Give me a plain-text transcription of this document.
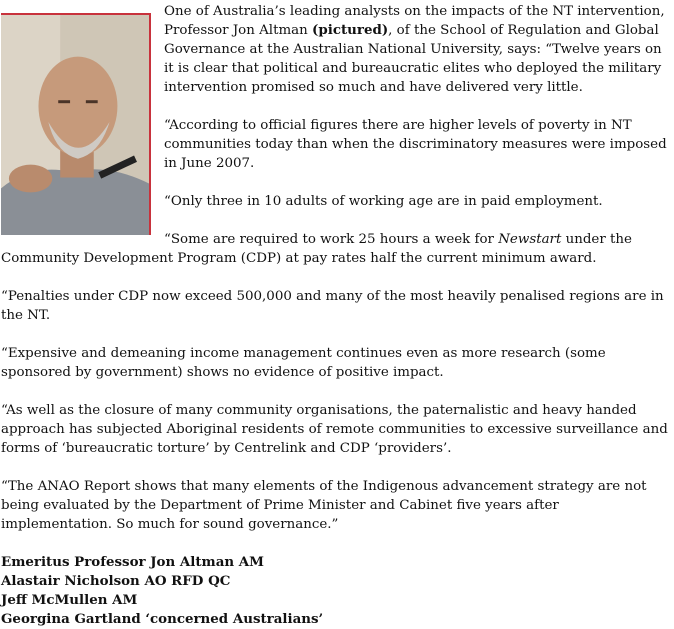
One of Australia’s leading analysts on the impacts of the NT intervention, Professor Jon Altman (pictured), of the School of Regulation and Global Governance at the Australian National University, says: “Twelve years on it is clear that political and bureaucratic elites who deployed the military intervention promised so much and have delivered very little.

“According to official figures there are higher levels of poverty in NT communities today than when the discriminatory measures were imposed in June 2007.

“Only three in 10 adults of working age are in paid employment.

“Some are required to work 25 hours a week for Newstart under the Community Development Program (CDP) at pay rates half the current minimum award.

“Penalties under CDP now exceed 500,000 and many of the most heavily penalised regions are in the NT.

“Expensive and demeaning income management continues even as more research (some sponsored by government) shows no evidence of positive impact.

“As well as the closure of many community organisations, the paternalistic and heavy handed approach has subjected Aboriginal residents of remote communities to excessive surveillance and forms of ‘bureaucratic torture’ by Centrelink and CDP ‘providers’.

“The ANAO Report shows that many elements of the Indigenous advancement strategy are not being evaluated by the Department of Prime Minister and Cabinet five years after implementation. So much for sound governance.”

Emeritus Professor Jon Altman AM
Alastair Nicholson AO RFD QC
Jeff McMullen AM
Georgina Gartland ‘concerned Australians’
